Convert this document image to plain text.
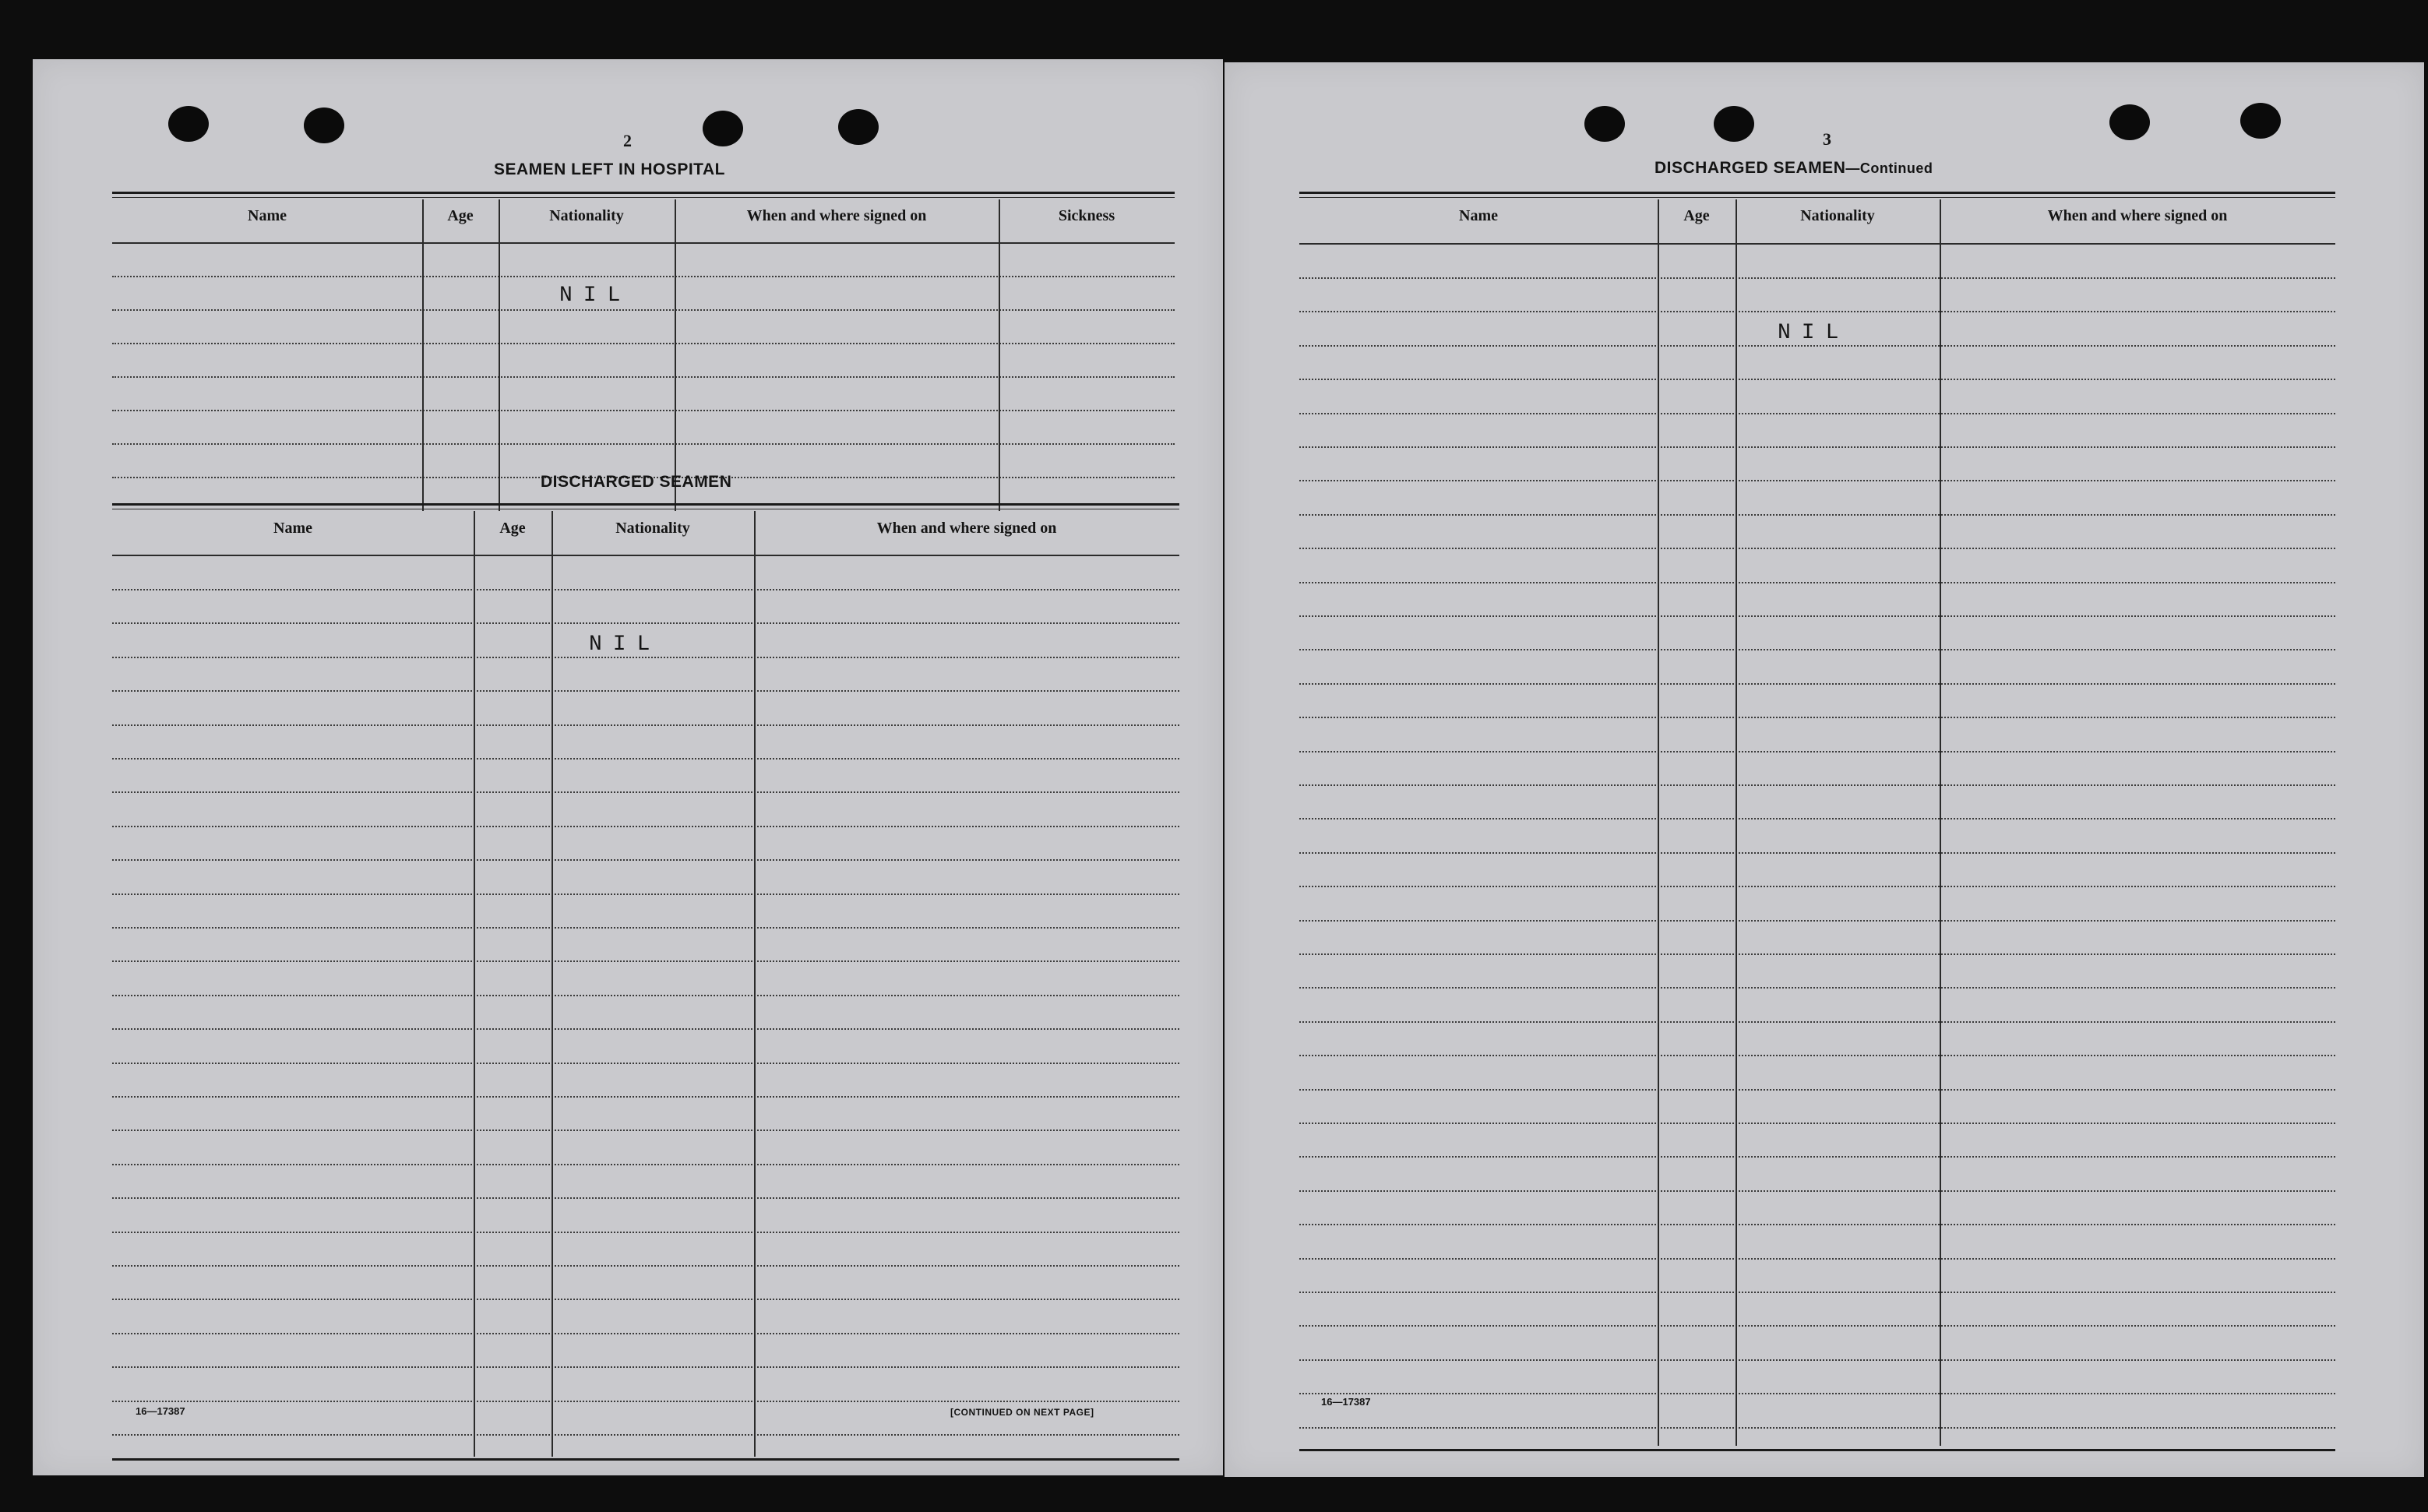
2
SEAMEN LEFT IN HOSPITAL
Name	Age	Nationality	When and where signed on	Sickness
NIL
DISCHARGED SEAMEN
Name	Age	Nationality	When and where signed on
NIL
16—17387	[CONTINUED ON NEXT PAGE]
3
DISCHARGED SEAMEN—Continued
Name	Age	Nationality	When and where signed on
NIL
16—17387
